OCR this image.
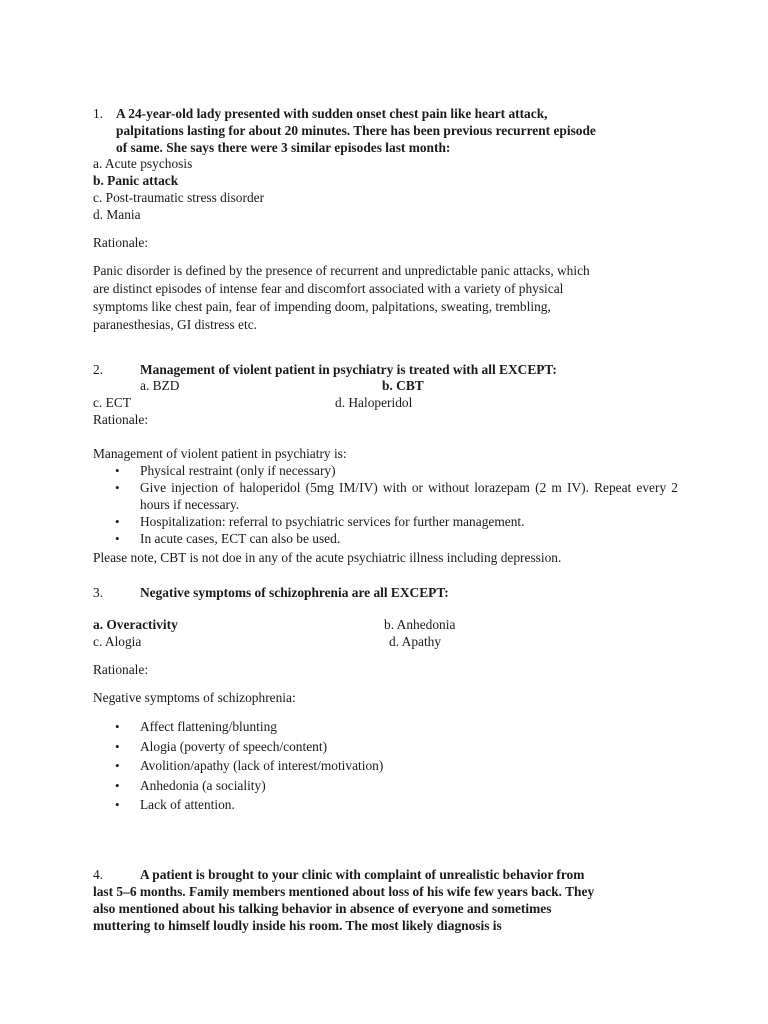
1. A 24-year-old lady presented with sudden onset chest pain like heart attack,
palpitations lasting for about 20 minutes. There has been previous recurrent episode
of same. She says there were 3 similar episodes last month:
a. Acute psychosis
b. Panic attack
c. Post-traumatic stress disorder
d. Mania
Rationale:
Panic disorder is defined by the presence of recurrent and unpredictable panic attacks, which
are distinct episodes of intense fear and discomfort associated with a variety of physical
symptoms like chest pain, fear of impending doom, palpitations, sweating, trembling,
paranesthesias, GI distress etc.
2.	Management of violent patient in psychiatry is treated with all EXCEPT:
a. BZD	b. CBT
c. ECT	d. Haloperidol
Rationale:
Management of violent patient in psychiatry is:
• Physical restraint (only if necessary)
• Give injection of haloperidol (5mg IM/IV) with or without lorazepam (2 m IV). Repeat every 2 hours if necessary.
• Hospitalization: referral to psychiatric services for further management.
• In acute cases, ECT can also be used.
Please note, CBT is not doe in any of the acute psychiatric illness including depression.
3.	Negative symptoms of schizophrenia are all EXCEPT:
a. Overactivity	b. Anhedonia
c. Alogia	d. Apathy
Rationale:
Negative symptoms of schizophrenia:
• Affect flattening/blunting
• Alogia (poverty of speech/content)
• Avolition/apathy (lack of interest/motivation)
• Anhedonia (a sociality)
• Lack of attention.
4.	A patient is brought to your clinic with complaint of unrealistic behavior from
last 5–6 months. Family members mentioned about loss of his wife few years back. They
also mentioned about his talking behavior in absence of everyone and sometimes
muttering to himself loudly inside his room. The most likely diagnosis is
